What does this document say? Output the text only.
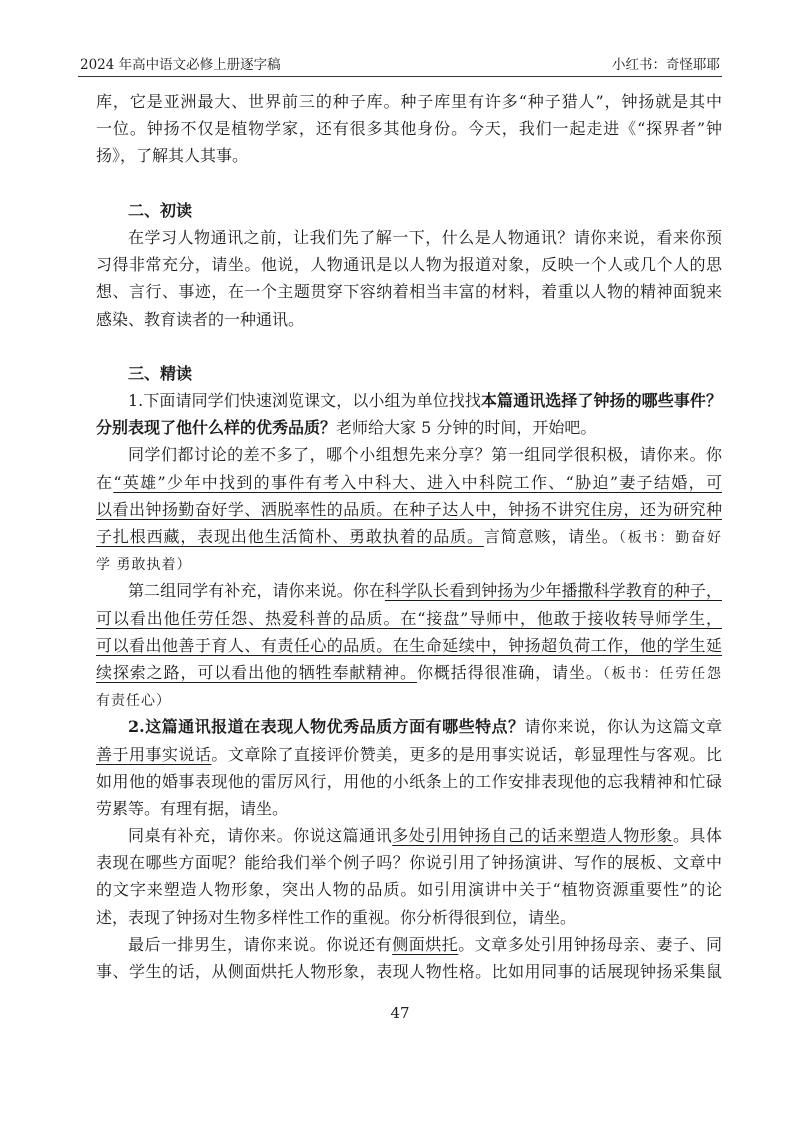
2024 年高中语文必修上册逐字稿	小红书：奇怪耶耶
库，它是亚洲最大、世界前三的种子库。种子库里有许多“种子猎人”，钟扬就是其中
一位。钟扬不仅是植物学家，还有很多其他身份。今天，我们一起走进《“探界者”钟
扬》，了解其人其事。
二、初读
在学习人物通讯之前，让我们先了解一下，什么是人物通讯？请你来说，看来你预
习得非常充分，请坐。他说，人物通讯是以人物为报道对象，反映一个人或几个人的思
想、言行、事迹，在一个主题贯穿下容纳着相当丰富的材料，着重以人物的精神面貌来
感染、教育读者的一种通讯。
三、精读
1.下面请同学们快速浏览课文，以小组为单位找找本篇通讯选择了钟扬的哪些事件？
分别表现了他什么样的优秀品质？老师给大家 5 分钟的时间，开始吧。
同学们都讨论的差不多了，哪个小组想先来分享？第一组同学很积极，请你来。你
在“英雄”少年中找到的事件有考入中科大、进入中科院工作、“胁迫”妻子结婚，可
以看出钟扬勤奋好学、洒脱率性的品质。在种子达人中，钟扬不讲究住房，还为研究种
子扎根西藏，表现出他生活简朴、勇敢执着的品质。言简意赅，请坐。（板书：勤奋好
学 勇敢执着）
第二组同学有补充，请你来说。你在科学队长看到钟扬为少年播撒科学教育的种子，
可以看出他任劳任怨、热爱科普的品质。在“接盘”导师中，他敢于接收转导师学生，
可以看出他善于育人、有责任心的品质。在生命延续中，钟扬超负荷工作，他的学生延
续探索之路，可以看出他的牺牲奉献精神。你概括得很准确，请坐。（板书：任劳任怨
有责任心）
2.这篇通讯报道在表现人物优秀品质方面有哪些特点？请你来说，你认为这篇文章
善于用事实说话。文章除了直接评价赞美，更多的是用事实说话，彰显理性与客观。比
如用他的婚事表现他的雷厉风行，用他的小纸条上的工作安排表现他的忘我精神和忙碌
劳累等。有理有据，请坐。
同桌有补充，请你来。你说这篇通讯多处引用钟扬自己的话来塑造人物形象。具体
表现在哪些方面呢？能给我们举个例子吗？你说引用了钟扬演讲、写作的展板、文章中
的文字来塑造人物形象，突出人物的品质。如引用演讲中关于“植物资源重要性”的论
述，表现了钟扬对生物多样性工作的重视。你分析得很到位，请坐。
最后一排男生，请你来说。你说还有侧面烘托。文章多处引用钟扬母亲、妻子、同
事、学生的话，从侧面烘托人物形象，表现人物性格。比如用同事的话展现钟扬采集鼠
47
